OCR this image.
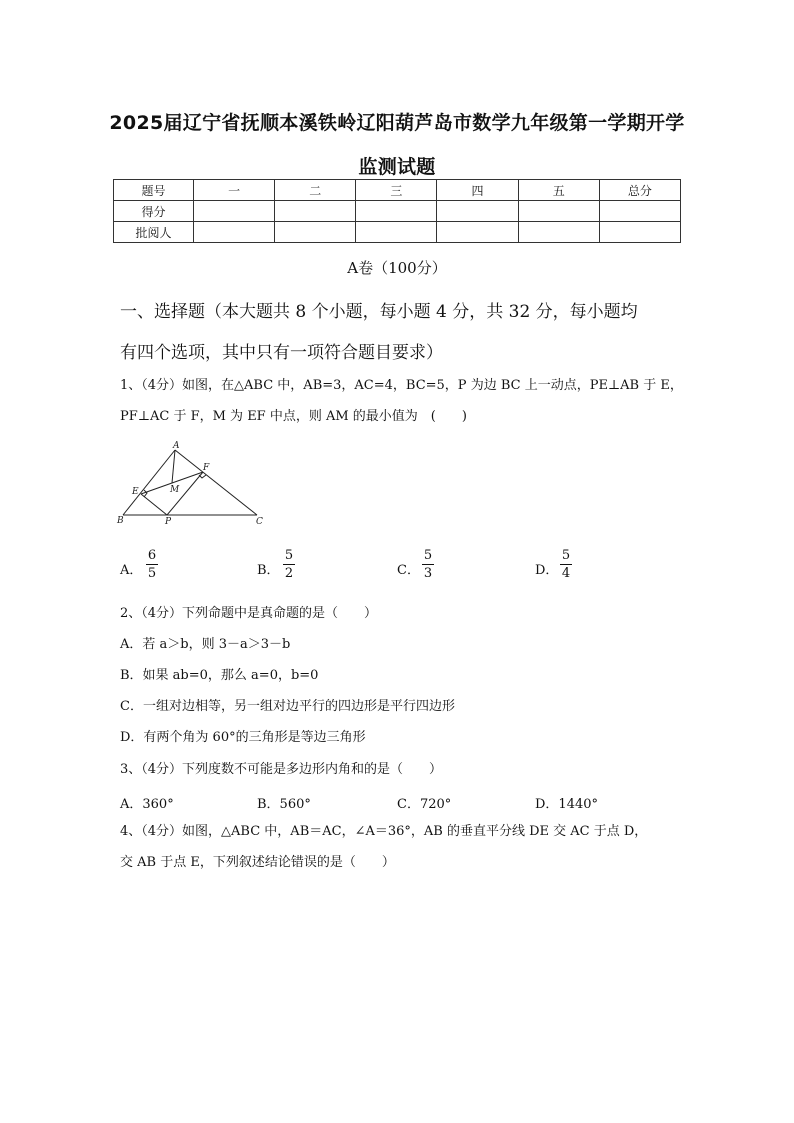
2025届辽宁省抚顺本溪铁岭辽阳葫芦岛市数学九年级第一学期开学
监测试题
题号	一	二	三	四	五	总分
得分						
批阅人						
A卷（100分）
一、选择题（本大题共 8 个小题，每小题 4 分，共 32 分，每小题均
有四个选项，其中只有一项符合题目要求）
1、（4分）如图，在△ABC 中，AB=3，AC=4，BC=5，P 为边 BC 上一动点，PE⊥AB 于 E，
PF⊥AC 于 F，M 为 EF 中点，则 AM 的最小值为　(　　)
A
B	C
E
F
M
P
A．
6
5	B．
5
2	C．
5
3	D．
5
4
2、（4分）下列命题中是真命题的是（　　）
A．若 a＞b，则 3－a＞3－b
B．如果 ab=0，那么 a=0，b=0
C．一组对边相等，另一组对边平行的四边形是平行四边形
D．有两个角为 60°的三角形是等边三角形
3、（4分）下列度数不可能是多边形内角和的是（　　）
A．360°	B．560°	C．720°	D．1440°
4、（4分）如图，△ABC 中，AB＝AC，∠A＝36°，AB 的垂直平分线 DE 交 AC 于点 D，
交 AB 于点 E，下列叙述结论错误的是（　　）
